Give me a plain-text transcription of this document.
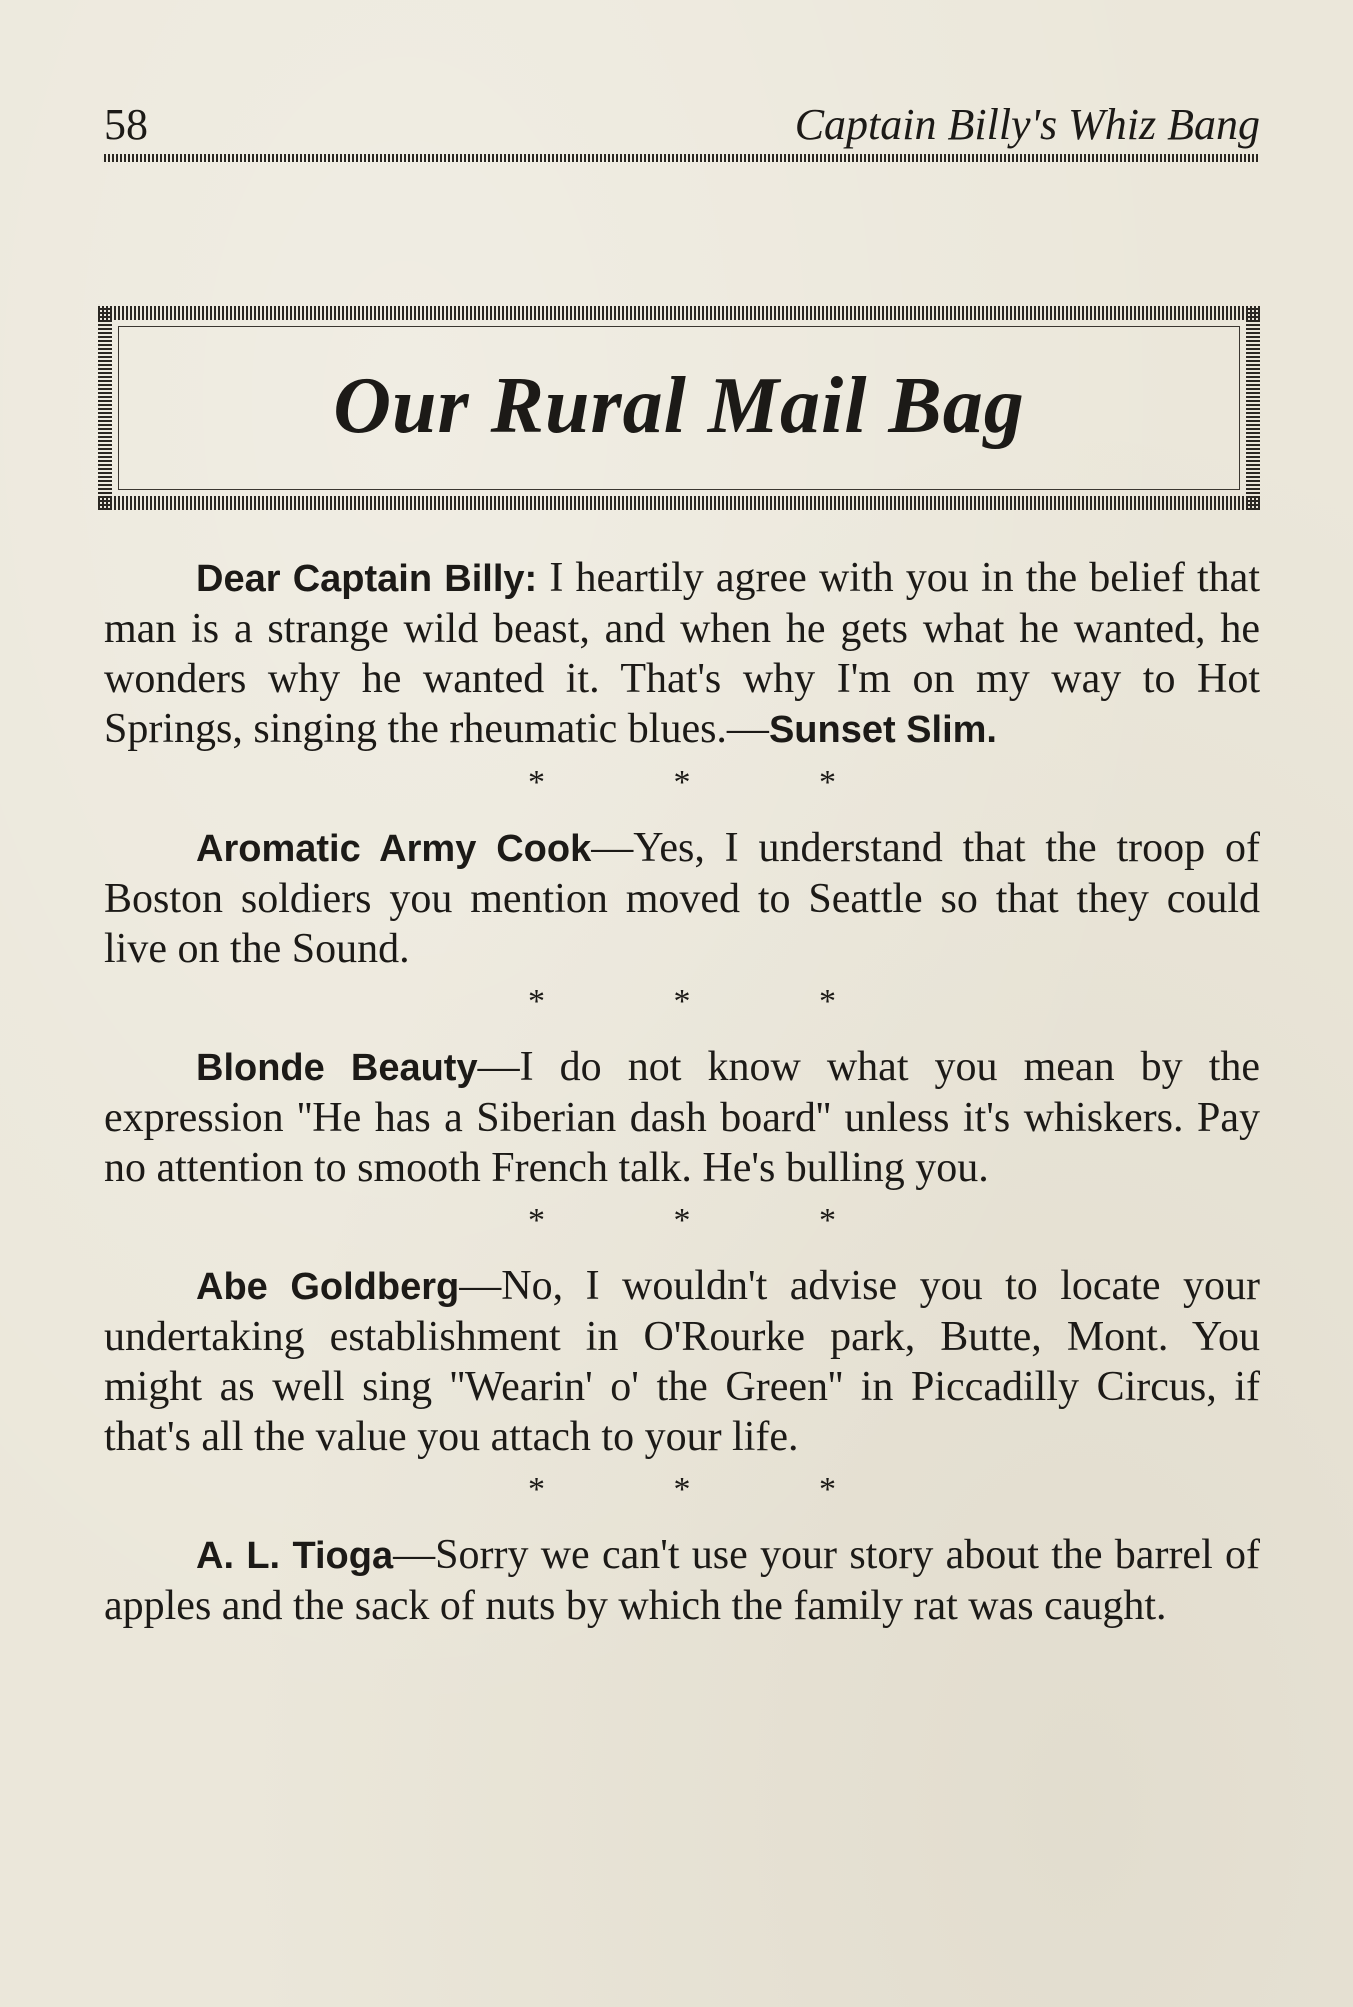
58	Captain Billy's Whiz Bang
Our Rural Mail Bag

Dear Captain Billy: I heartily agree with you in the belief that man is a strange wild beast, and when he gets what he wanted, he wonders why he wanted it. That's why I'm on my way to Hot Springs, singing the rheumatic blues.—Sunset Slim.

* * *

Aromatic Army Cook—Yes, I understand that the troop of Boston soldiers you mention moved to Seattle so that they could live on the Sound.

* * *

Blonde Beauty—I do not know what you mean by the expression ''He has a Siberian dash board'' unless it's whiskers. Pay no attention to smooth French talk. He's bulling you.

* * *

Abe Goldberg—No, I wouldn't advise you to locate your undertaking establishment in O'Rourke park, Butte, Mont. You might as well sing ''Wearin' o' the Green'' in Piccadilly Circus, if that's all the value you attach to your life.

* * *

A. L. Tioga—Sorry we can't use your story about the barrel of apples and the sack of nuts by which the family rat was caught.
